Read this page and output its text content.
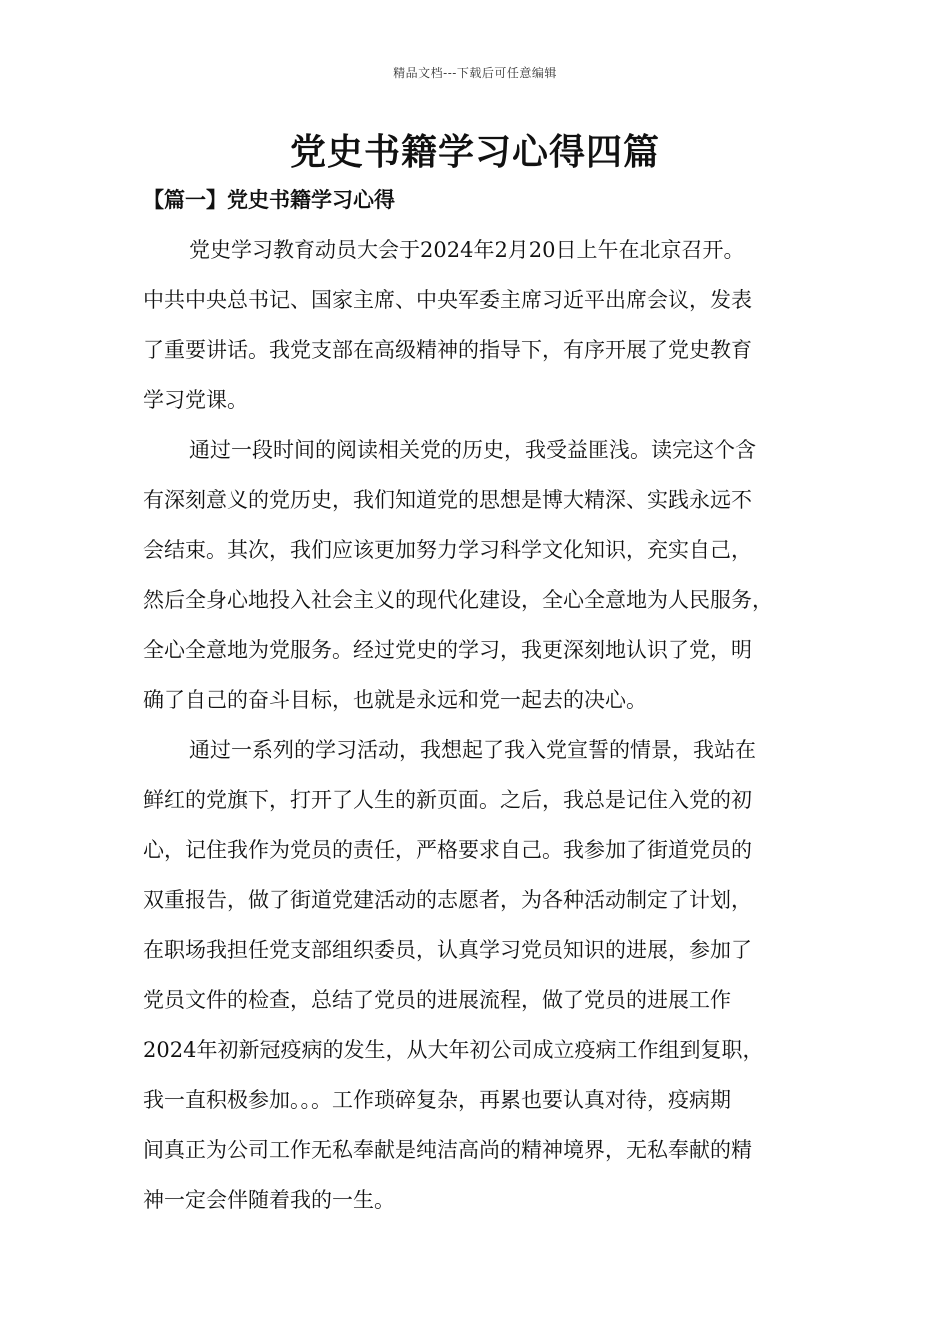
精品文档---下载后可任意编辑
党史书籍学习心得四篇
【篇一】党史书籍学习心得
党史学习教育动员大会于2024年2月20日上午在北京召开。
中共中央总书记、国家主席、中央军委主席习近平出席会议，发表
了重要讲话。我党支部在高级精神的指导下，有序开展了党史教育
学习党课。
通过一段时间的阅读相关党的历史，我受益匪浅。读完这个含
有深刻意义的党历史，我们知道党的思想是博大精深、实践永远不
会结束。其次，我们应该更加努力学习科学文化知识，充实自己，
然后全身心地投入社会主义的现代化建设，全心全意地为人民服务，
全心全意地为党服务。经过党史的学习，我更深刻地认识了党，明
确了自己的奋斗目标，也就是永远和党一起去的决心。
通过一系列的学习活动，我想起了我入党宣誓的情景，我站在
鲜红的党旗下，打开了人生的新页面。之后，我总是记住入党的初
心，记住我作为党员的责任，严格要求自己。我参加了街道党员的
双重报告，做了街道党建活动的志愿者，为各种活动制定了计划，
在职场我担任党支部组织委员，认真学习党员知识的进展，参加了
党员文件的检查，总结了党员的进展流程，做了党员的进展工作
2024年初新冠疫病的发生，从大年初公司成立疫病工作组到复职，
我一直积极参加。。。工作琐碎复杂，再累也要认真对待，疫病期
间真正为公司工作无私奉献是纯洁高尚的精神境界，无私奉献的精
神一定会伴随着我的一生。
